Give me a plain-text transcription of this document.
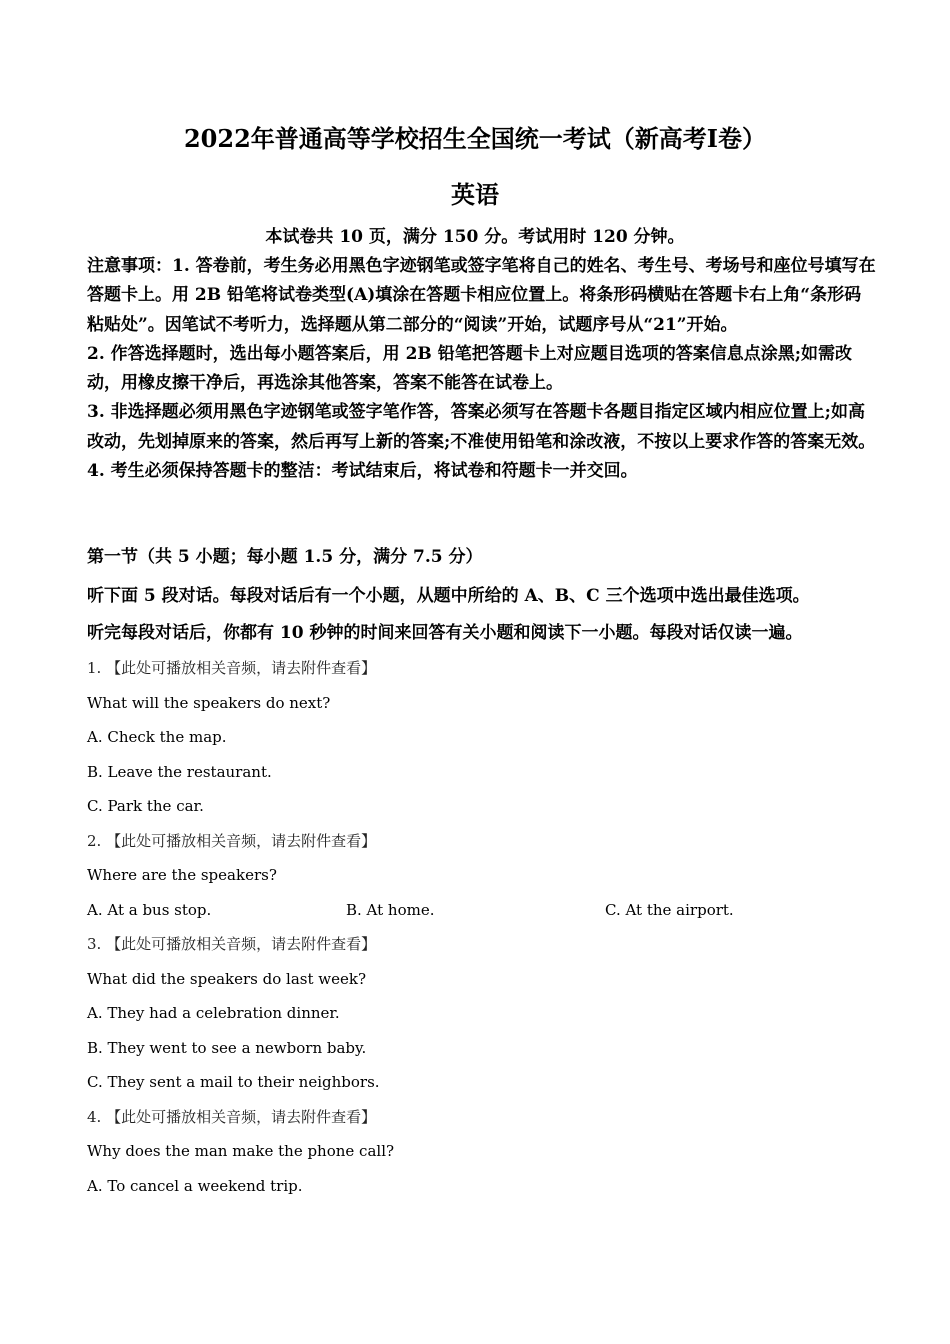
2022年普通高等学校招生全国统一考试（新高考Ⅰ卷）
英语
本试卷共 10 页，满分 150 分。考试用时 120 分钟。

注意事项：1. 答卷前，考生务必用黑色字迹钢笔或签字笔将自己的姓名、考生号、考场号和座位号填写在答题卡上。用 2B 铅笔将试卷类型(A)填涂在答题卡相应位置上。将条形码横贴在答题卡右上角“条形码粘贴处”。因笔试不考听力，选择题从第二部分的“阅读”开始，试题序号从“21”开始。

2. 作答选择题时，选出每小题答案后，用 2B 铅笔把答题卡上对应题目选项的答案信息点涂黑;如需改动，用橡皮擦干净后，再选涂其他答案，答案不能答在试卷上。

3. 非选择题必须用黑色字迹钢笔或签字笔作答，答案必须写在答题卡各题目指定区域内相应位置上;如高改动，先划掉原来的答案，然后再写上新的答案;不准使用铅笔和涂改液，不按以上要求作答的答案无效。

4. 考生必须保持答题卡的整洁：考试结束后，将试卷和符题卡一并交回。

第一节（共 5 小题；每小题 1.5 分，满分 7.5 分）

听下面 5 段对话。每段对话后有一个小题，从题中所给的 A、B、C 三个选项中选出最佳选项。

听完每段对话后，你都有 10 秒钟的时间来回答有关小题和阅读下一小题。每段对话仅读一遍。

1. 【此处可播放相关音频，请去附件查看】
What will the speakers do next?
A. Check the map.
B. Leave the restaurant.
C. Park the car.
2. 【此处可播放相关音频，请去附件查看】
Where are the speakers?
A. At a bus stop.	B. At home.	C. At the airport.
3. 【此处可播放相关音频，请去附件查看】
What did the speakers do last week?
A. They had a celebration dinner.
B. They went to see a newborn baby.
C. They sent a mail to their neighbors.
4. 【此处可播放相关音频，请去附件查看】
Why does the man make the phone call?
A. To cancel a weekend trip.
